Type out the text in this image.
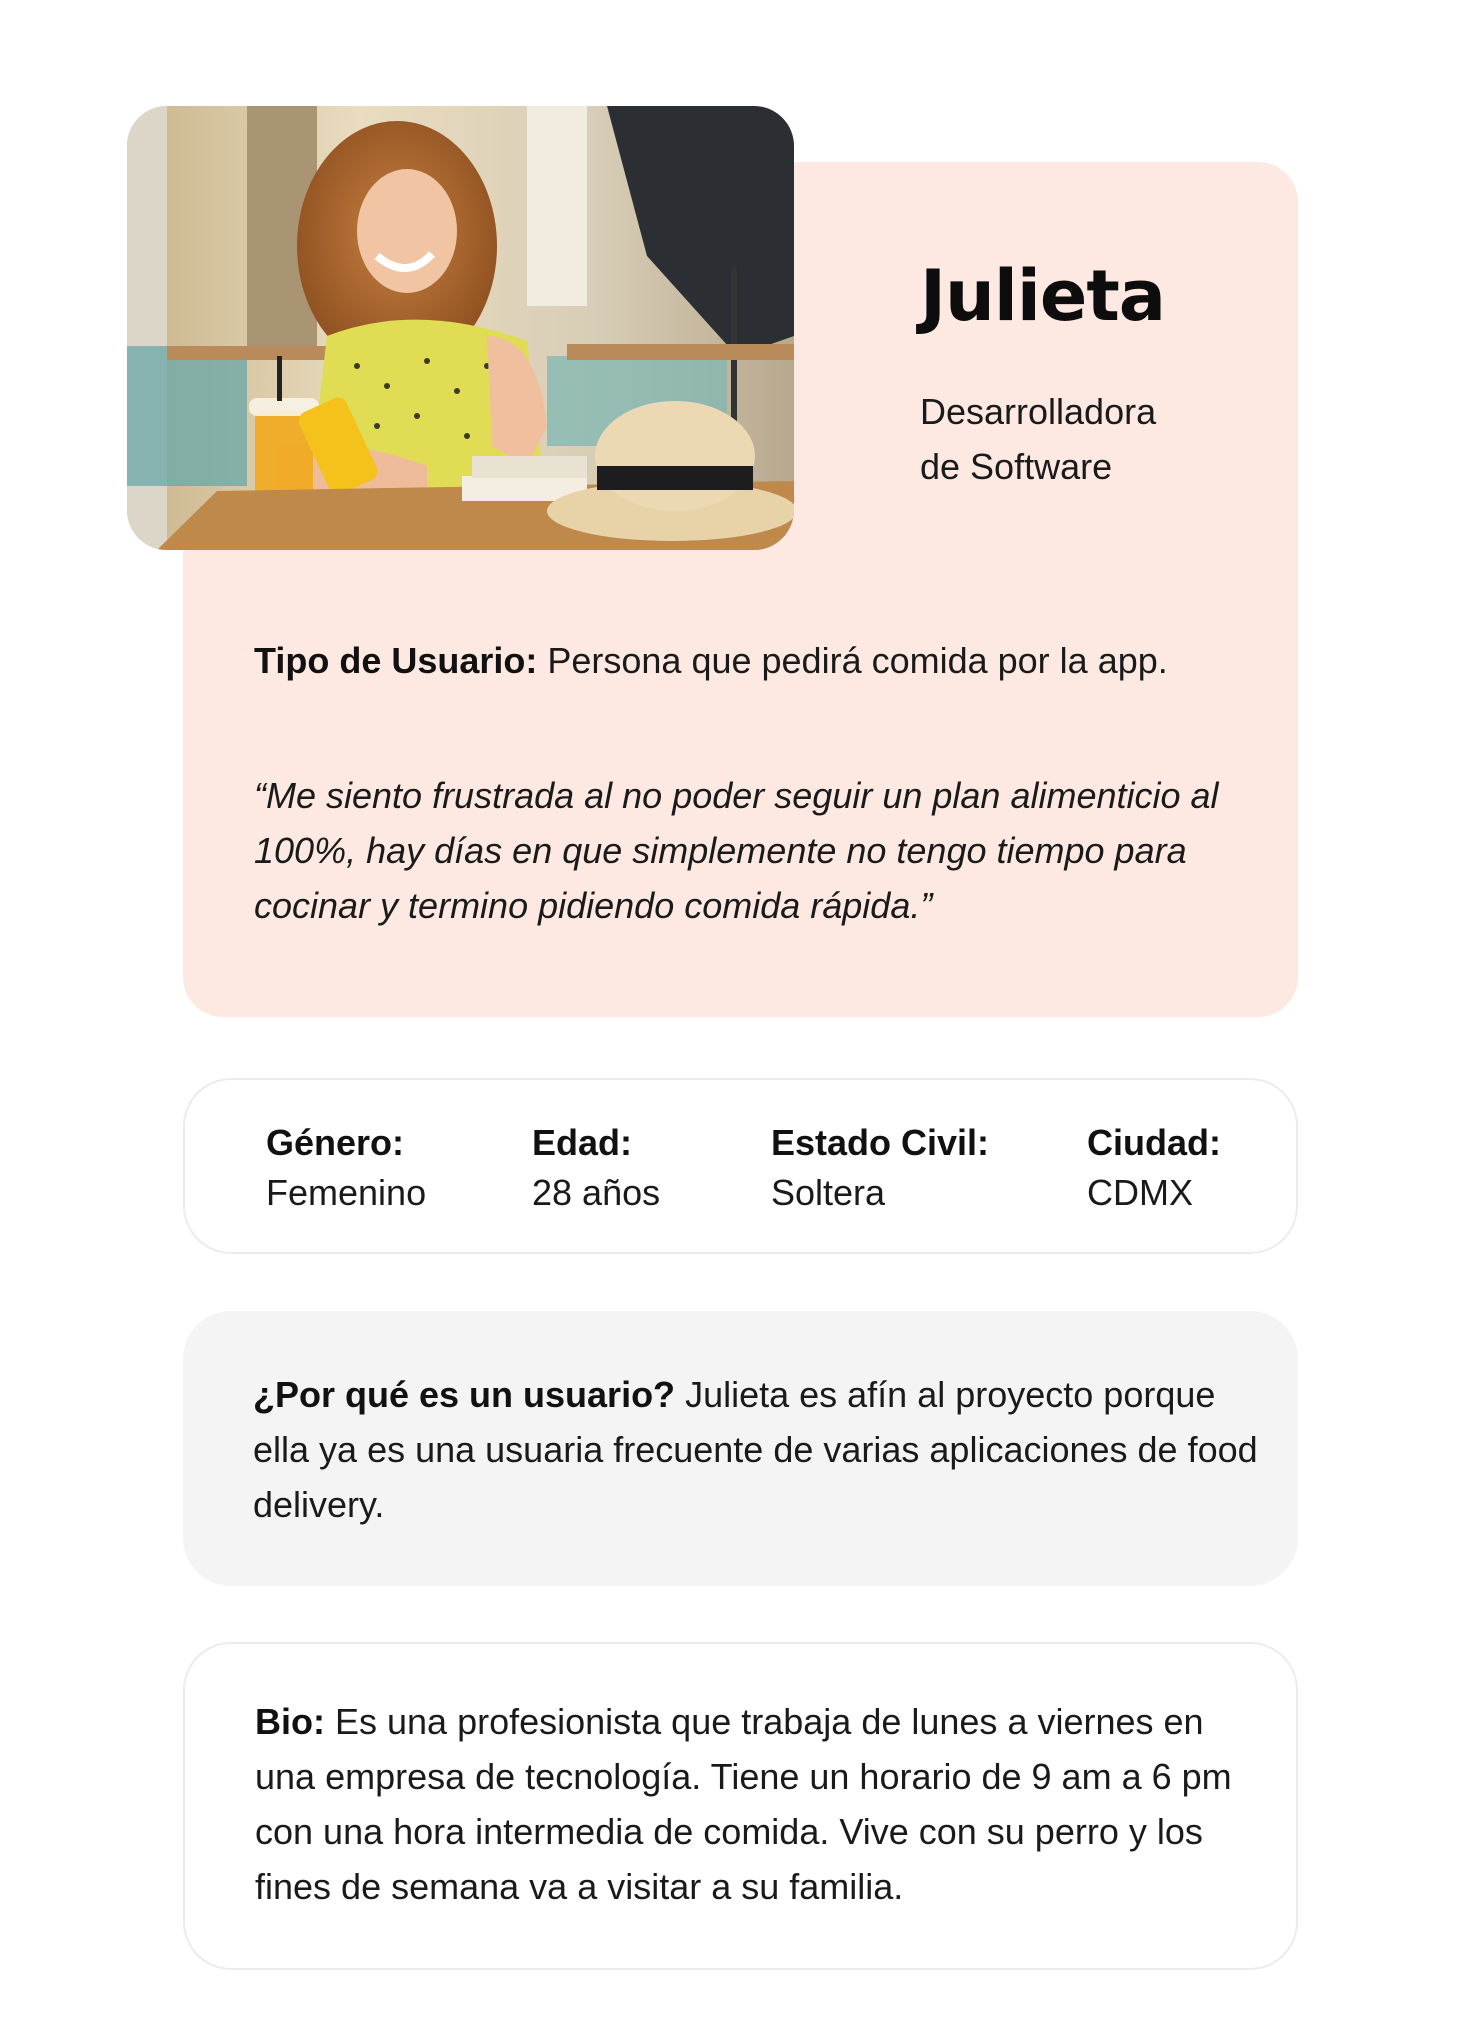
Julieta
Desarrolladora
de Software
Tipo de Usuario: Persona que pedirá comida por la app.
“Me siento frustrada al no poder seguir un plan alimenticio al 100%, hay días en que simplemente no tengo tiempo para cocinar y termino pidiendo comida rápida.”
Género:
Femenino
Edad:
28 años
Estado Civil:
Soltera
Ciudad:
CDMX
¿Por qué es un usuario? Julieta es afín al proyecto porque ella ya es una usuaria frecuente de varias aplicaciones de food delivery.
Bio: Es una profesionista que trabaja de lunes a viernes en una empresa de tecnología. Tiene un horario de 9 am a 6 pm con una hora intermedia de comida. Vive con su perro y los fines de semana va a visitar a su familia.
